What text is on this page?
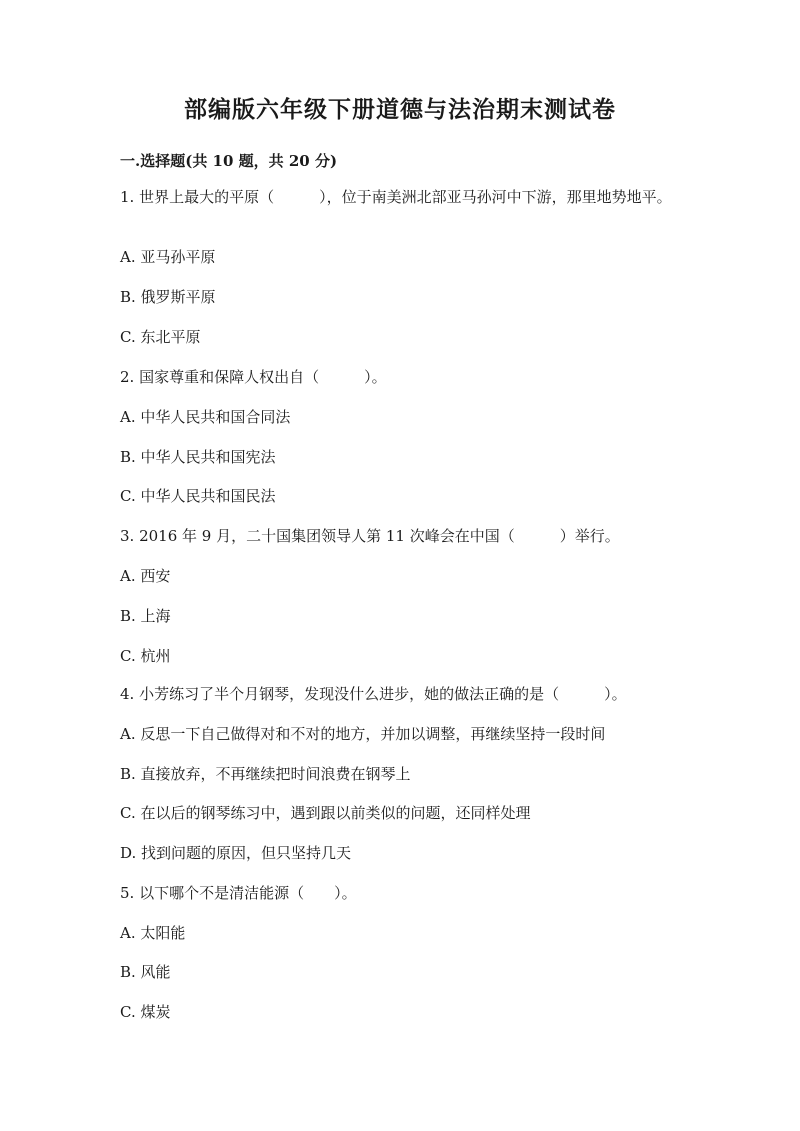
部编版六年级下册道德与法治期末测试卷
一.选择题(共 10 题，共 20 分)
1. 世界上最大的平原（　　　），位于南美洲北部亚马孙河中下游，那里地势地平。
A. 亚马孙平原
B. 俄罗斯平原
C. 东北平原
2. 国家尊重和保障人权出自（　　　）。
A. 中华人民共和国合同法
B. 中华人民共和国宪法
C. 中华人民共和国民法
3. 2016 年 9 月，二十国集团领导人第 11 次峰会在中国（　　　）举行。
A. 西安
B. 上海
C. 杭州
4. 小芳练习了半个月钢琴，发现没什么进步，她的做法正确的是（　　　）。
A. 反思一下自己做得对和不对的地方，并加以调整，再继续坚持一段时间
B. 直接放弃，不再继续把时间浪费在钢琴上
C. 在以后的钢琴练习中，遇到跟以前类似的问题，还同样处理
D. 找到问题的原因，但只坚持几天
5. 以下哪个不是清洁能源（　　）。
A. 太阳能
B. 风能
C. 煤炭
